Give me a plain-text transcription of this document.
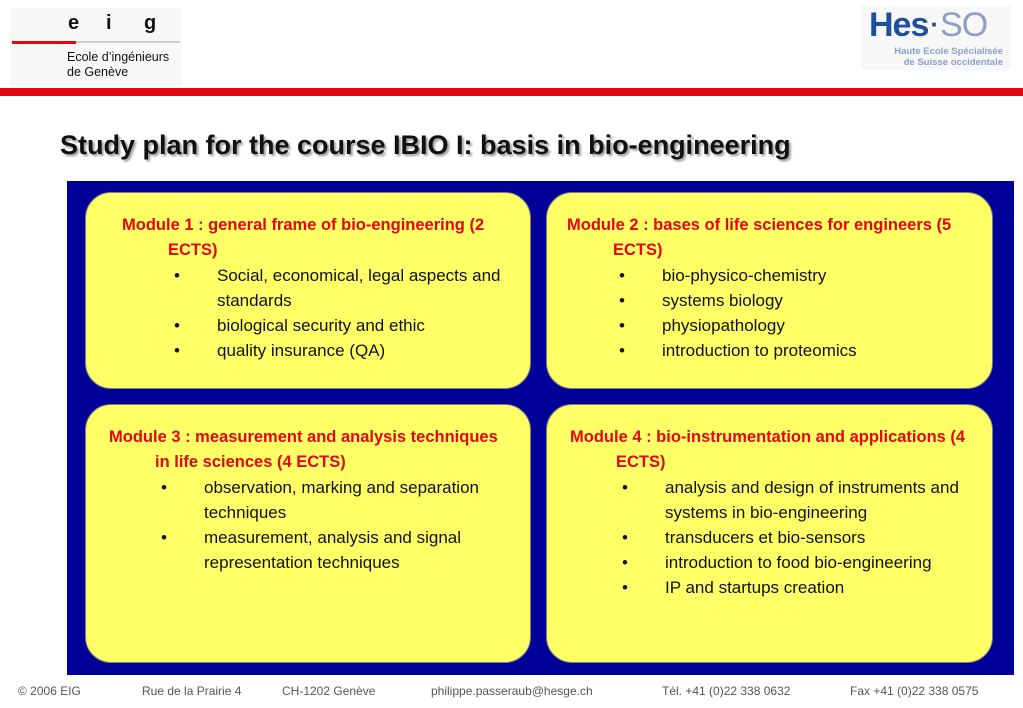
e	i	g
Ecole d’ingénieurs
de Genève
Hes·SO
Haute Ecole Spécialisée
de Suisse occidentale
Study plan for the course IBIO I: basis in bio-engineering
Module 1 : general frame of bio-engineering (2 ECTS)
• Social, economical, legal aspects and standards
• biological security and ethic
• quality insurance (QA)
Module 2 : bases of life sciences for engineers (5 ECTS)
• bio-physico-chemistry
• systems biology
• physiopathology
• introduction to proteomics
Module 3 : measurement and analysis techniques in life sciences (4 ECTS)
• observation, marking and separation techniques
• measurement, analysis and signal representation techniques
Module 4 : bio-instrumentation and applications (4 ECTS)
• analysis and design of instruments and systems in bio-engineering
• transducers et bio-sensors
• introduction to food bio-engineering
• IP and startups creation
© 2006 EIG	Rue de la Prairie 4	CH-1202 Genève	philippe.passeraub@hesge.ch	Tél. +41 (0)22 338 0632	Fax +41 (0)22 338 0575
